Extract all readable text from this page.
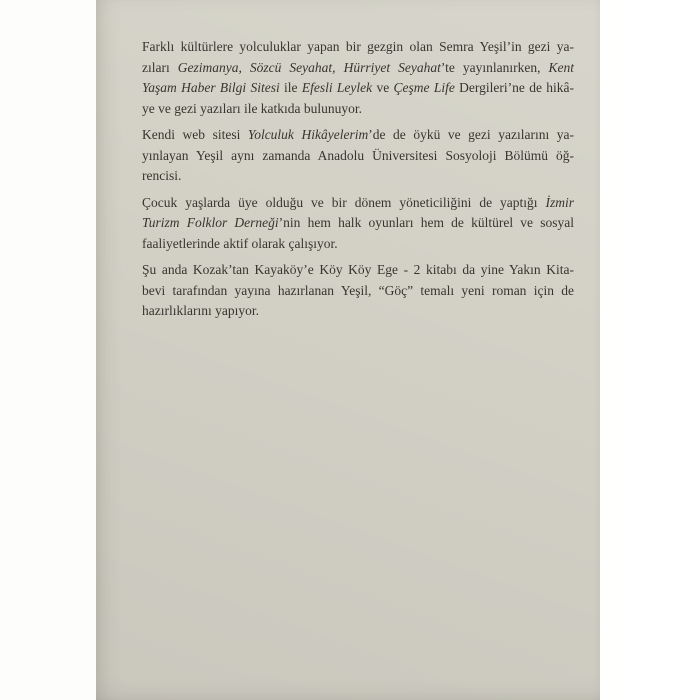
Farklı kültürlere yolculuklar yapan bir gezgin olan Semra Yeşil’in gezi ya-
zıları Gezimanya, Sözcü Seyahat, Hürriyet Seyahat’te yayınlanırken, Kent
Yaşam Haber Bilgi Sitesi ile Efesli Leylek ve Çeşme Life Dergileri’ne de hikâ-
ye ve gezi yazıları ile katkıda bulunuyor.
Kendi web sitesi Yolculuk Hikâyelerim’de de öykü ve gezi yazılarını ya-
yınlayan Yeşil aynı zamanda Anadolu Üniversitesi Sosyoloji Bölümü öğ-
rencisi.
Çocuk yaşlarda üye olduğu ve bir dönem yöneticiliğini de yaptığı İzmir
Turizm Folklor Derneği’nin hem halk oyunları hem de kültürel ve sosyal
faaliyetlerinde aktif olarak çalışıyor.
Şu anda Kozak’tan Kayaköy’e Köy Köy Ege - 2 kitabı da yine Yakın Kita-
bevi tarafından yayına hazırlanan Yeşil, “Göç” temalı yeni roman için de
hazırlıklarını yapıyor.
